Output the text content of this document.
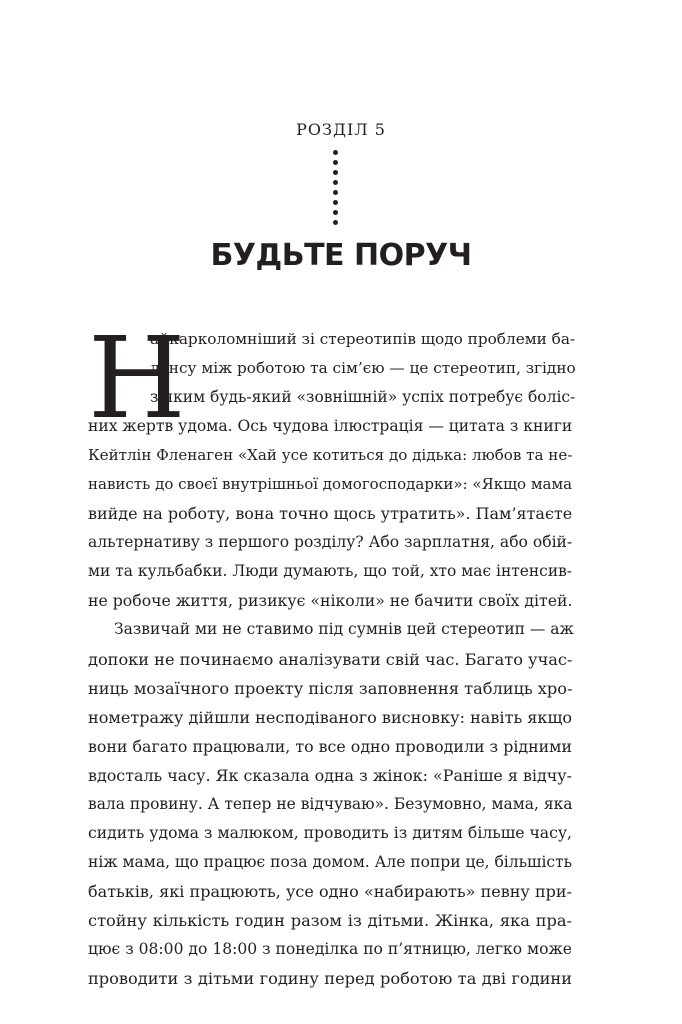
РОЗДІЛ 5
БУДЬТЕ ПОРУЧ
Н
айкарколомніший зі стереотипів щодо проблеми ба-
лансу між роботою та сім’єю — це стереотип, згідно
з яким будь-який «зовнішній» успіх потребує боліс-
них жертв удома. Ось чудова ілюстрація — цитата з книги
Кейтлін Фленаген «Хай усе котиться до дідька: любов та не-
нависть до своєї внутрішньої домогосподарки»: «Якщо мама
вийде на роботу, вона точно щось утратить». Пам’ятаєте
альтернативу з першого розділу? Або зарплатня, або обій-
ми та кульбабки. Люди думають, що той, хто має інтенсив-
не робоче життя, ризикує «ніколи» не бачити своїх дітей.
Зазвичай ми не ставимо під сумнів цей стереотип — аж
допоки не починаємо аналізувати свій час. Багато учас-
ниць мозаїчного проекту після заповнення таблиць хро-
нометражу дійшли несподіваного висновку: навіть якщо
вони багато працювали, то все одно проводили з рідними
вдосталь часу. Як сказала одна з жінок: «Раніше я відчу-
вала провину. А тепер не відчуваю». Безумовно, мама, яка
сидить удома з малюком, проводить із дитям більше часу,
ніж мама, що працює поза домом. Але попри це, більшість
батьків, які працюють, усе одно «набирають» певну при-
стойну кількість годин разом із дітьми. Жінка, яка пра-
цює з 08:00 до 18:00 з понеділка по п’ятницю, легко може
проводити з дітьми годину перед роботою та дві години
